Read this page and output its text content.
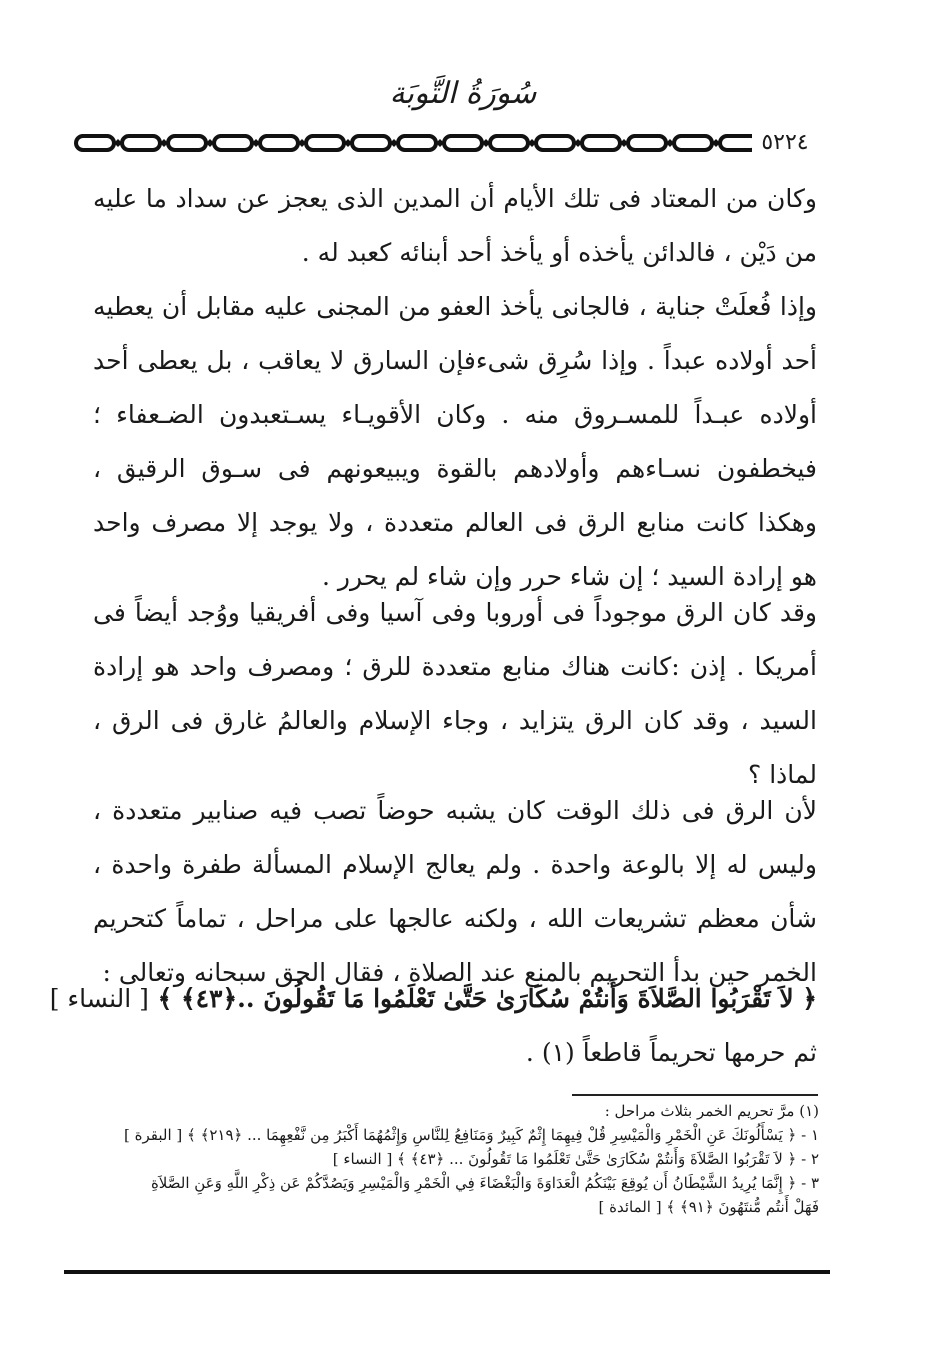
سُورَةُ التَّوبَة
٥٢٢٤

وكان من المعتاد فى تلك الأيام أن المدين الذى يعجز عن سداد ما عليه من دَيْن ، فالدائن يأخذه أو يأخذ أحد أبنائه كعبد له .

وإذا فُعلَتْ جناية ، فالجانى يأخذ العفو من المجنى عليه مقابل أن يعطيه أحد أولاده عبداً . وإذا سُرِق شىءفإن السارق لا يعاقب ، بل يعطى أحد أولاده عبـداً للمسـروق منه . وكان الأقويـاء يسـتعبدون الضـعفاء ؛ فيخطفون نسـاءهم وأولادهم بالقوة ويبيعونهم فى سـوق الرقيق ، وهكذا كانت منابع الرق فى العالم متعددة ، ولا يوجد إلا مصرف واحد هو إرادة السيد ؛ إن شاء حرر وإن شاء لم يحرر .

وقد كان الرق موجوداً فى أوروبا وفى آسيا وفى أفريقيا ووُجد أيضاً فى أمريكا . إذن :كانت هناك منابع متعددة للرق ؛ ومصرف واحد هو إرادة السيد ، وقد كان الرق يتزايد ، وجاء الإسلام والعالمُ غارق فى الرق ، لماذا ؟

لأن الرق فى ذلك الوقت كان يشبه حوضاً تصب فيه صنابير متعددة ، وليس له إلا بالوعة واحدة . ولم يعالج الإسلام المسألة طفرة واحدة ، شأن معظم تشريعات الله ، ولكنه عالجها على مراحل ، تماماً كتحريم الخمر حين بدأ التحريم بالمنع عند الصلاة ، فقال الحق سبحانه وتعالى :

﴿ لاَ تَقْرَبُوا الصَّلاَةَ وَأَنتُمْ سُكَارَىٰ حَتَّىٰ تَعْلَمُوا مَا تَقُولُونَ ..﴿٤٣﴾ ﴾ [ النساء ]
ثم حرمها تحريماً قاطعاً (١) .
(١) مرَّ تحريم الخمر بثلاث مراحل :
١ - ﴿ يَسْأَلُونَكَ عَنِ الْخَمْرِ وَالْمَيْسِرِ قُلْ فِيهِمَا إِثْمٌ كَبِيرٌ وَمَنَافِعُ لِلنَّاسِ وَإِثْمُهُمَا أَكْبَرُ مِن نَّفْعِهِمَا ... ﴿٢١٩﴾ ﴾ [ البقرة ]
٢ - ﴿ لاَ تَقْرَبُوا الصَّلاَةَ وَأَنتُمْ سُكَارَىٰ حَتَّىٰ تَعْلَمُوا مَا تَقُولُونَ ... ﴿٤٣﴾ ﴾ [ النساء ]
٣ - ﴿ إِنَّمَا يُرِيدُ الشَّيْطَانُ أَن يُوقِعَ بَيْنَكُمُ الْعَدَاوَةَ وَالْبَغْضَاءَ فِي الْخَمْرِ وَالْمَيْسِرِ وَيَصُدَّكُمْ عَن ذِكْرِ اللَّهِ وَعَنِ الصَّلاَةِ
فَهَلْ أَنتُم مُّنتَهُونَ ﴿٩١﴾ ﴾ [ المائدة ]
